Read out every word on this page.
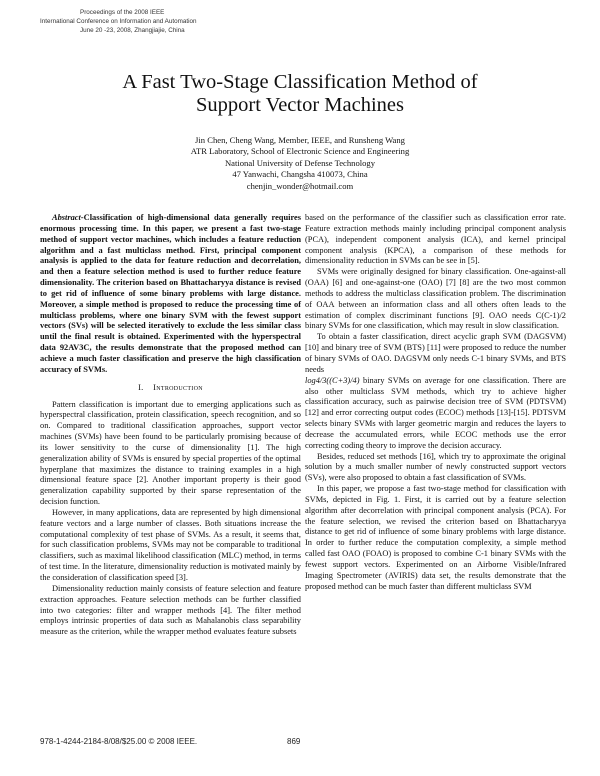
Proceedings of the 2008 IEEE
International Conference on Information and Automation
June 20 -23, 2008, Zhangjiajie, China
A Fast Two-Stage Classification Method of
Support Vector Machines
Jin Chen, Cheng Wang, Member, IEEE, and Runsheng Wang
ATR Laboratory, School of Electronic Science and Engineering
National University of Defense Technology
47 Yanwachi, Changsha 410073, China
chenjin_wonder@hotmail.com

Abstract-Classification of high-dimensional data generally requires enormous processing time. In this paper, we present a fast two-stage method of support vector machines, which includes a feature reduction algorithm and a fast multiclass method. First, principal component analysis is applied to the data for feature reduction and decorrelation, and then a feature selection method is used to further reduce feature dimensionality. The criterion based on Bhattacharyya distance is revised to get rid of influence of some binary problems with large distance. Moreover, a simple method is proposed to reduce the processing time of multiclass problems, where one binary SVM with the fewest support vectors (SVs) will be selected iteratively to exclude the less similar class until the final result is obtained. Experimented with the hyperspectral data 92AV3C, the results demonstrate that the proposed method can achieve a much faster classification and preserve the high classification accuracy of SVMs.

I. Introduction

Pattern classification is important due to emerging applications such as hyperspectral classification, protein classification, speech recognition, and so on. Compared to traditional classification approaches, support vector machines (SVMs) have been found to be particularly promising because of its lower sensitivity to the curse of dimensionality [1]. The high generalization ability of SVMs is ensured by special properties of the optimal hyperplane that maximizes the distance to training examples in a high dimensional feature space [2]. Another important property is their good generalization capability supported by their sparse representation of the decision function.

However, in many applications, data are represented by high dimensional feature vectors and a large number of classes. Both situations increase the computational complexity of test phase of SVMs. As a result, it seems that, for such classification problems, SVMs may not be comparable to traditional classifiers, such as maximal likelihood classification (MLC) method, in terms of test time. In the literature, dimensionality reduction is motivated mainly by the consideration of classification speed [3].

Dimensionality reduction mainly consists of feature selection and feature extraction approaches. Feature selection methods can be further classified into two categories: filter and wrapper methods [4]. The filter method employs intrinsic properties of data such as Mahalanobis class separability measure as the criterion, while the wrapper method evaluates feature subsets

based on the performance of the classifier such as classification error rate. Feature extraction methods mainly including principal component analysis (PCA), independent component analysis (ICA), and kernel principal component analysis (KPCA), a comparison of these methods for dimensionality reduction in SVMs can be see in [5].

SVMs were originally designed for binary classification. One-against-all (OAA) [6] and one-against-one (OAO) [7] [8] are the two most common methods to address the multiclass classification problem. The discrimination of OAA between an information class and all others often leads to the estimation of complex discriminant functions [9]. OAO needs C(C-1)/2 binary SVMs for one classification, which may result in slow classification.

To obtain a faster classification, direct acyclic graph SVM (DAGSVM) [10] and binary tree of SVM (BTS) [11] were proposed to reduce the number of binary SVMs of OAO. DAGSVM only needs C-1 binary SVMs, and BTS needs

log4/3((C+3)/4) binary SVMs on average for one classification. There are also other multiclass SVM methods, which try to achieve higher classification accuracy, such as pairwise decision tree of SVM (PDTSVM) [12] and error correcting output codes (ECOC) methods [13]-[15]. PDTSVM selects binary SVMs with larger geometric margin and reduces the layers to decrease the accumulated errors, while ECOC methods use the error correcting coding theory to improve the decision accuracy.

Besides, reduced set methods [16], which try to approximate the original solution by a much smaller number of newly constructed support vectors (SVs), were also proposed to obtain a fast classification of SVMs.

In this paper, we propose a fast two-stage method for classification with SVMs, depicted in Fig. 1. First, it is carried out by a feature selection algorithm after decorrelation with principal component analysis (PCA). For the feature selection, we revised the criterion based on Bhattacharyya distance to get rid of influence of some binary problems with large distance. In order to further reduce the computation complexity, a simple method called fast OAO (FOAO) is proposed to combine C-1 binary SVMs with the fewest support vectors. Experimented on an Airborne Visible/Infrared Imaging Spectrometer (AVIRIS) data set, the results demonstrate that the proposed method can be much faster than different multiclass SVM

978-1-4244-2184-8/08/$25.00 © 2008 IEEE.	869
